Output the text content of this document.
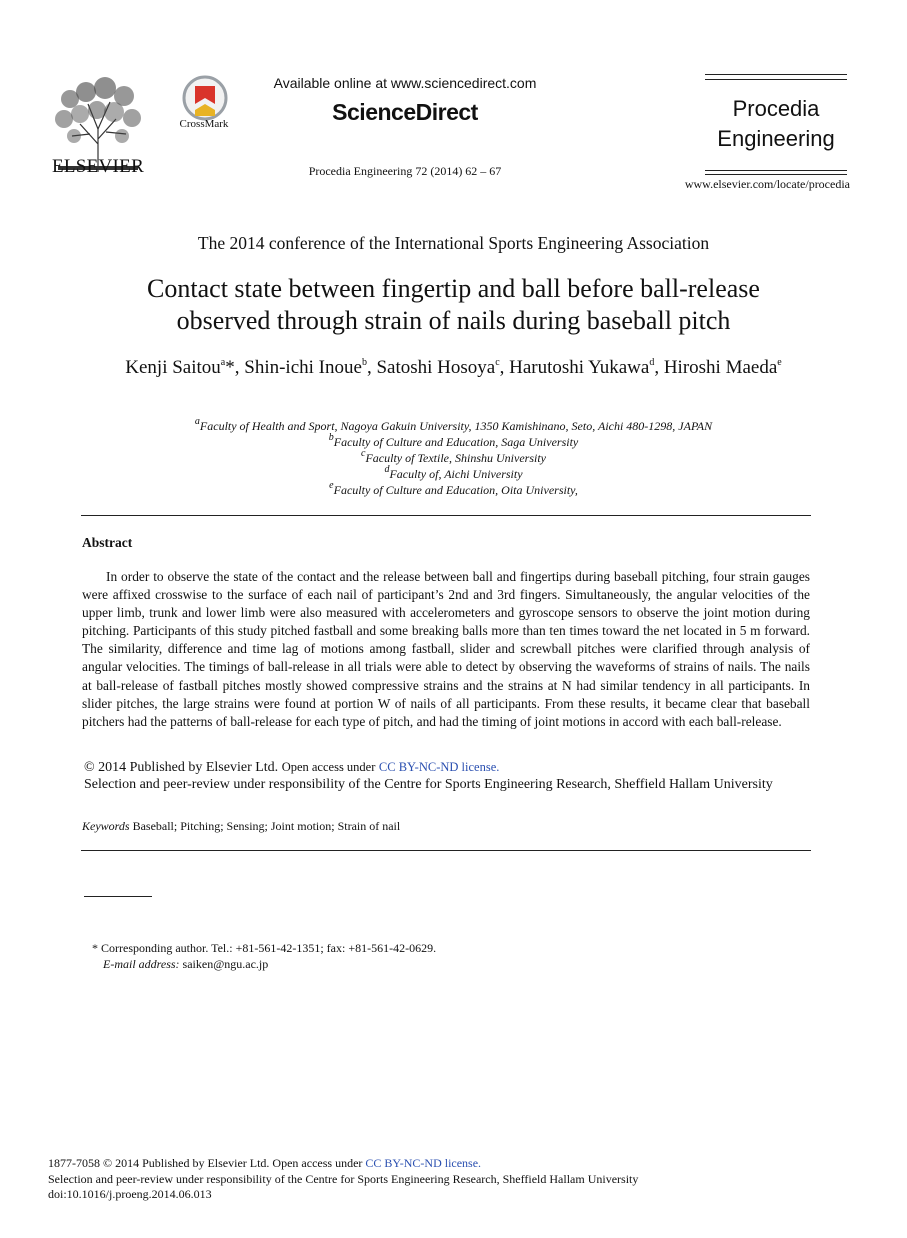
ELSEVIER
CrossMark
Available online at www.sciencedirect.com
ScienceDirect
Procedia Engineering 72 (2014) 62 – 67
Procedia
Engineering
www.elsevier.com/locate/procedia
The 2014 conference of the International Sports Engineering Association
Contact state between fingertip and ball before ball-release
observed through strain of nails during baseball pitch
Kenji Saitou$^a$*, Shin-ichi Inoue$^b$, Satoshi Hosoya$^c$, Harutoshi Yukawa$^d$, Hiroshi Maeda$^e$
$^a$Faculty of Health and Sport, Nagoya Gakuin University, 1350 Kamishinano, Seto, Aichi 480-1298, JAPAN
$^b$Faculty of Culture and Education, Saga University
$^c$Faculty of Textile, Shinshu University
$^d$Faculty of, Aichi University
$^e$Faculty of Culture and Education, Oita University,
Abstract
In order to observe the state of the contact and the release between ball and fingertips during baseball pitching, four strain gauges were affixed crosswise to the surface of each nail of participant’s 2nd and 3rd fingers. Simultaneously, the angular velocities of the upper limb, trunk and lower limb were also measured with accelerometers and gyroscope sensors to observe the joint motion during pitching. Participants of this study pitched fastball and some breaking balls more than ten times toward the net located in 5 m forward. The similarity, difference and time lag of motions among fastball, slider and screwball pitches were clarified through analysis of angular velocities. The timings of ball-release in all trials were able to detect by observing the waveforms of strains of nails. The nails at ball-release of fastball pitches mostly showed compressive strains and the strains at N had similar tendency in all participants. In slider pitches, the large strains were found at portion W of nails of all participants. From these results, it became clear that baseball pitchers had the patterns of ball-release for each type of pitch, and had the timing of joint motions in accord with each ball-release.
© 2014 Published by Elsevier Ltd. Open access under CC BY-NC-ND license.
Selection and peer-review under responsibility of the Centre for Sports Engineering Research, Sheffield Hallam University
Keywords Baseball; Pitching; Sensing; Joint motion; Strain of nail
* Corresponding author. Tel.: +81-561-42-1351; fax: +81-561-42-0629.
E-mail address: saiken@ngu.ac.jp
1877-7058 © 2014 Published by Elsevier Ltd. Open access under CC BY-NC-ND license.
Selection and peer-review under responsibility of the Centre for Sports Engineering Research, Sheffield Hallam University
doi:10.1016/j.proeng.2014.06.013
